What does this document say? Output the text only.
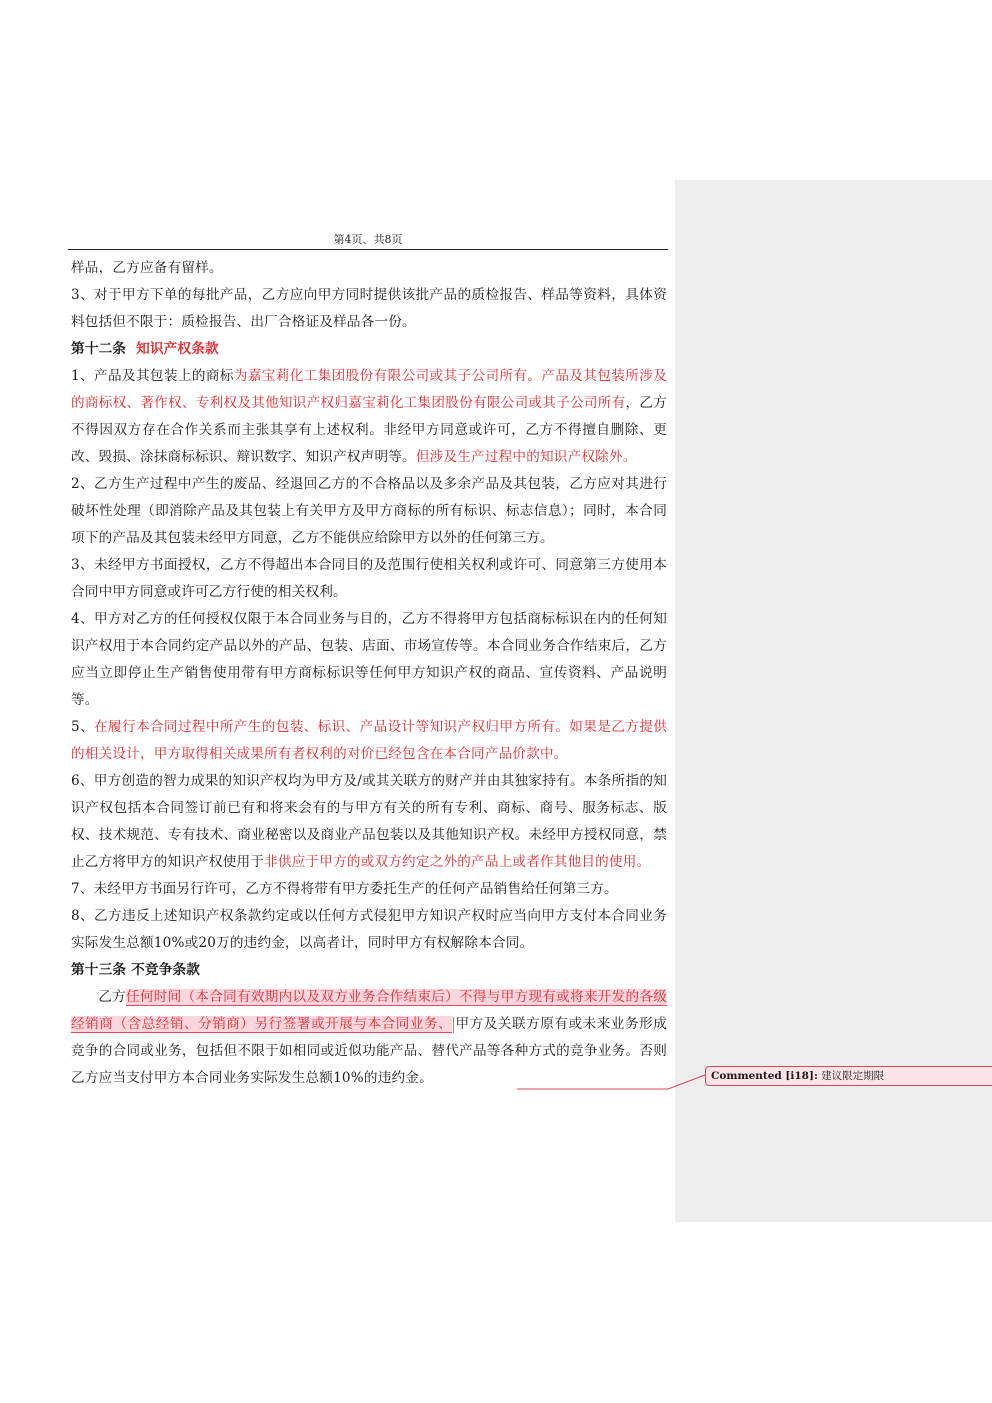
第4页、共8页

样品，乙方应备有留样。

3、对于甲方下单的每批产品，乙方应向甲方同时提供该批产品的质检报告、样品等资料，具体资料包括但不限于：质检报告、出厂合格证及样品各一份。

第十二条 知识产权条款

1、产品及其包装上的商标为嘉宝莉化工集团股份有限公司或其子公司所有。产品及其包装所涉及的商标权、著作权、专利权及其他知识产权归嘉宝莉化工集团股份有限公司或其子公司所有，乙方不得因双方存在合作关系而主张其享有上述权利。非经甲方同意或许可，乙方不得擅自删除、更改、毁损、涂抹商标标识、辩识数字、知识产权声明等。但涉及生产过程中的知识产权除外。

2、乙方生产过程中产生的废品、经退回乙方的不合格品以及多余产品及其包装，乙方应对其进行破坏性处理（即消除产品及其包装上有关甲方及甲方商标的所有标识、标志信息）；同时，本合同项下的产品及其包装未经甲方同意，乙方不能供应给除甲方以外的任何第三方。

3、未经甲方书面授权，乙方不得超出本合同目的及范围行使相关权利或许可、同意第三方使用本合同中甲方同意或许可乙方行使的相关权利。

4、甲方对乙方的任何授权仅限于本合同业务与目的，乙方不得将甲方包括商标标识在内的任何知识产权用于本合同约定产品以外的产品、包装、店面、市场宣传等。本合同业务合作结束后，乙方应当立即停止生产销售使用带有甲方商标标识等任何甲方知识产权的商品、宣传资料、产品说明等。

5、在履行本合同过程中所产生的包装、标识、产品设计等知识产权归甲方所有。如果是乙方提供的相关设计，甲方取得相关成果所有者权利的对价已经包含在本合同产品价款中。

6、甲方创造的智力成果的知识产权均为甲方及/或其关联方的财产并由其独家持有。本条所指的知识产权包括本合同签订前已有和将来会有的与甲方有关的所有专利、商标、商号、服务标志、版权、技术规范、专有技术、商业秘密以及商业产品包装以及其他知识产权。未经甲方授权同意，禁止乙方将甲方的知识产权使用于非供应于甲方的或双方约定之外的产品上或者作其他目的使用。

7、未经甲方书面另行许可，乙方不得将带有甲方委托生产的任何产品销售给任何第三方。

8、乙方违反上述知识产权条款约定或以任何方式侵犯甲方知识产权时应当向甲方支付本合同业务实际发生总额10%或20万的违约金，以高者计，同时甲方有权解除本合同。

第十三条 不竞争条款

乙方任何时间（本合同有效期内以及双方业务合作结束后）不得与甲方现有或将来开发的各级经销商（含总经销、分销商）另行签署或开展与本合同业务、 甲方及关联方原有或未来业务形成竞争的合同或业务，包括但不限于如相同或近似功能产品、替代产品等各种方式的竞争业务。否则乙方应当支付甲方本合同业务实际发生总额10%的违约金。	Commented [i18]: 建议限定期限
